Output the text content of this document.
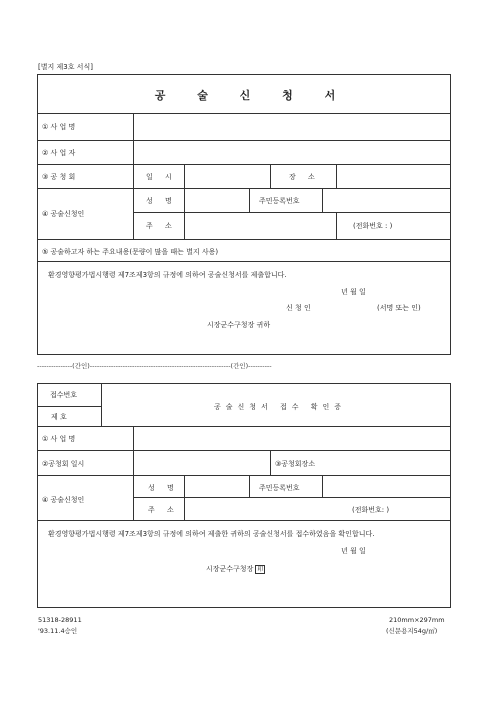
[별지 제3호 서식]
공 술 신 청 서
① 사 업 명
② 사 업 자
③ 공 청 회	일 시	장 소
④ 공술신청인
성 명	주민등록번호
주 소	(전화번호 : )
⑤ 공술하고자 하는 주요내용(문량이 많을 때는 별지 사용)
환경영향평가법시행령 제7조제3항의 규정에 의하여 공술신청서를 제출합니다.
년 월 일
신 청 인	(서명 또는 인)
시장군수구청장 귀하
---------------(간인)------------------------------------------------------------(간인)----------
접수번호
제 호
공술신청서 접수 확인증
① 사 업 명
②공청회 일시	③공청회장소
④ 공술신청인
성 명	주민등록번호
주 소	(전화번호: )
환경영향평가법시행령 제7조제3항의 규정에 의하여 제출한 귀하의 공술신청서를 접수하였음을 확인합니다.
년 월 일
시장군수구청장 印
51318-28911
'93.11.4승인
210mm×297mm
(신문용지54g/㎡)
